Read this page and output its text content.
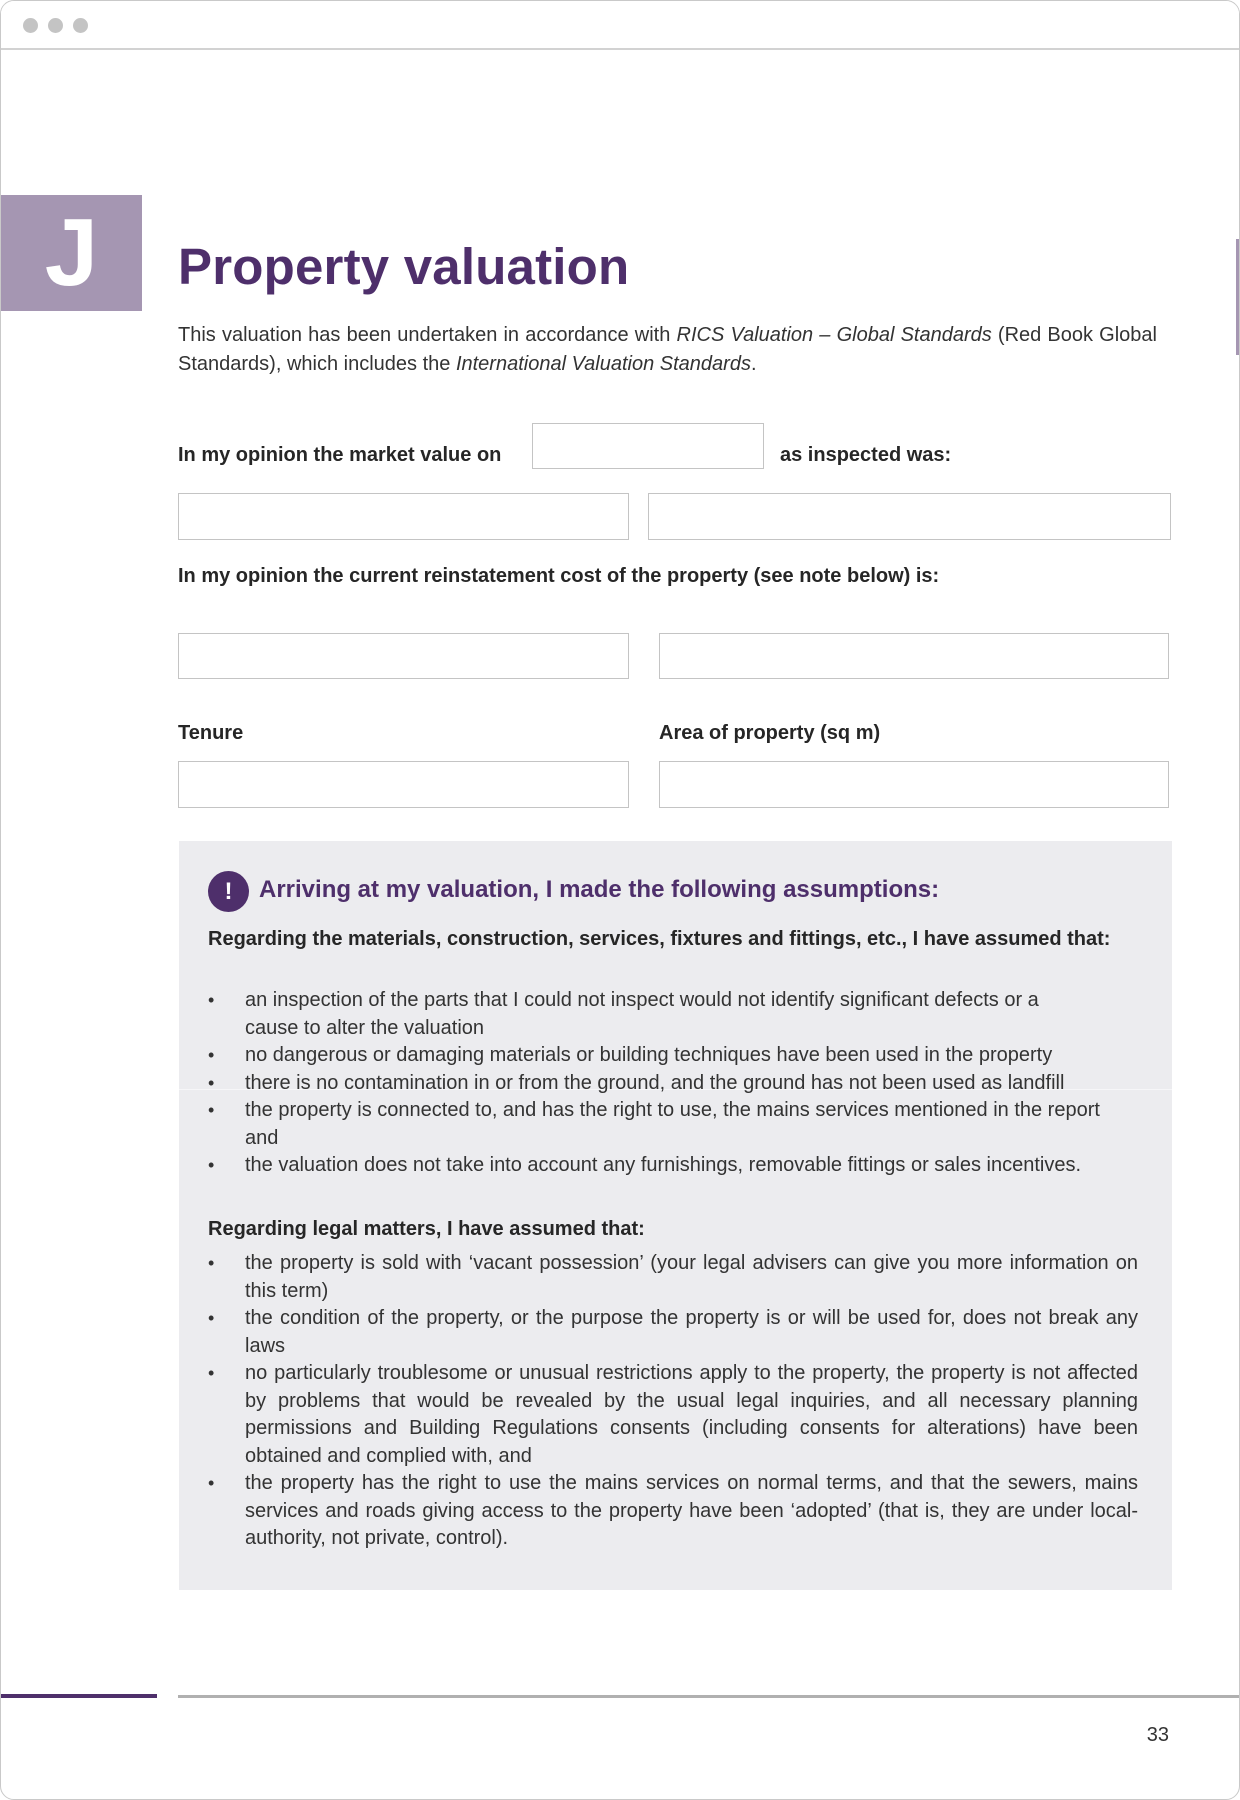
J	Property valuation

This valuation has been undertaken in accordance with RICS Valuation – Global Standards (Red Book Global Standards), which includes the International Valuation Standards.

In my opinion the market value on	as inspected was:

In my opinion the current reinstatement cost of the property (see note below) is:

Tenure	Area of property (sq m)

!	Arriving at my valuation, I made the following assumptions:

Regarding the materials, construction, services, fixtures and fittings, etc., I have assumed that:

• an inspection of the parts that I could not inspect would not identify significant defects or a cause to alter the valuation
• no dangerous or damaging materials or building techniques have been used in the property
• there is no contamination in or from the ground, and the ground has not been used as landfill
• the property is connected to, and has the right to use, the mains services mentioned in the report and
• the valuation does not take into account any furnishings, removable fittings or sales incentives.

Regarding legal matters, I have assumed that:

• the property is sold with ‘vacant possession’ (your legal advisers can give you more information on this term)
• the condition of the property, or the purpose the property is or will be used for, does not break any laws
• no particularly troublesome or unusual restrictions apply to the property, the property is not affected by problems that would be revealed by the usual legal inquiries, and all necessary planning permissions and Building Regulations consents (including consents for alterations) have been obtained and complied with, and
• the property has the right to use the mains services on normal terms, and that the sewers, mains services and roads giving access to the property have been ‘adopted’ (that is, they are under local-authority, not private, control).

33
